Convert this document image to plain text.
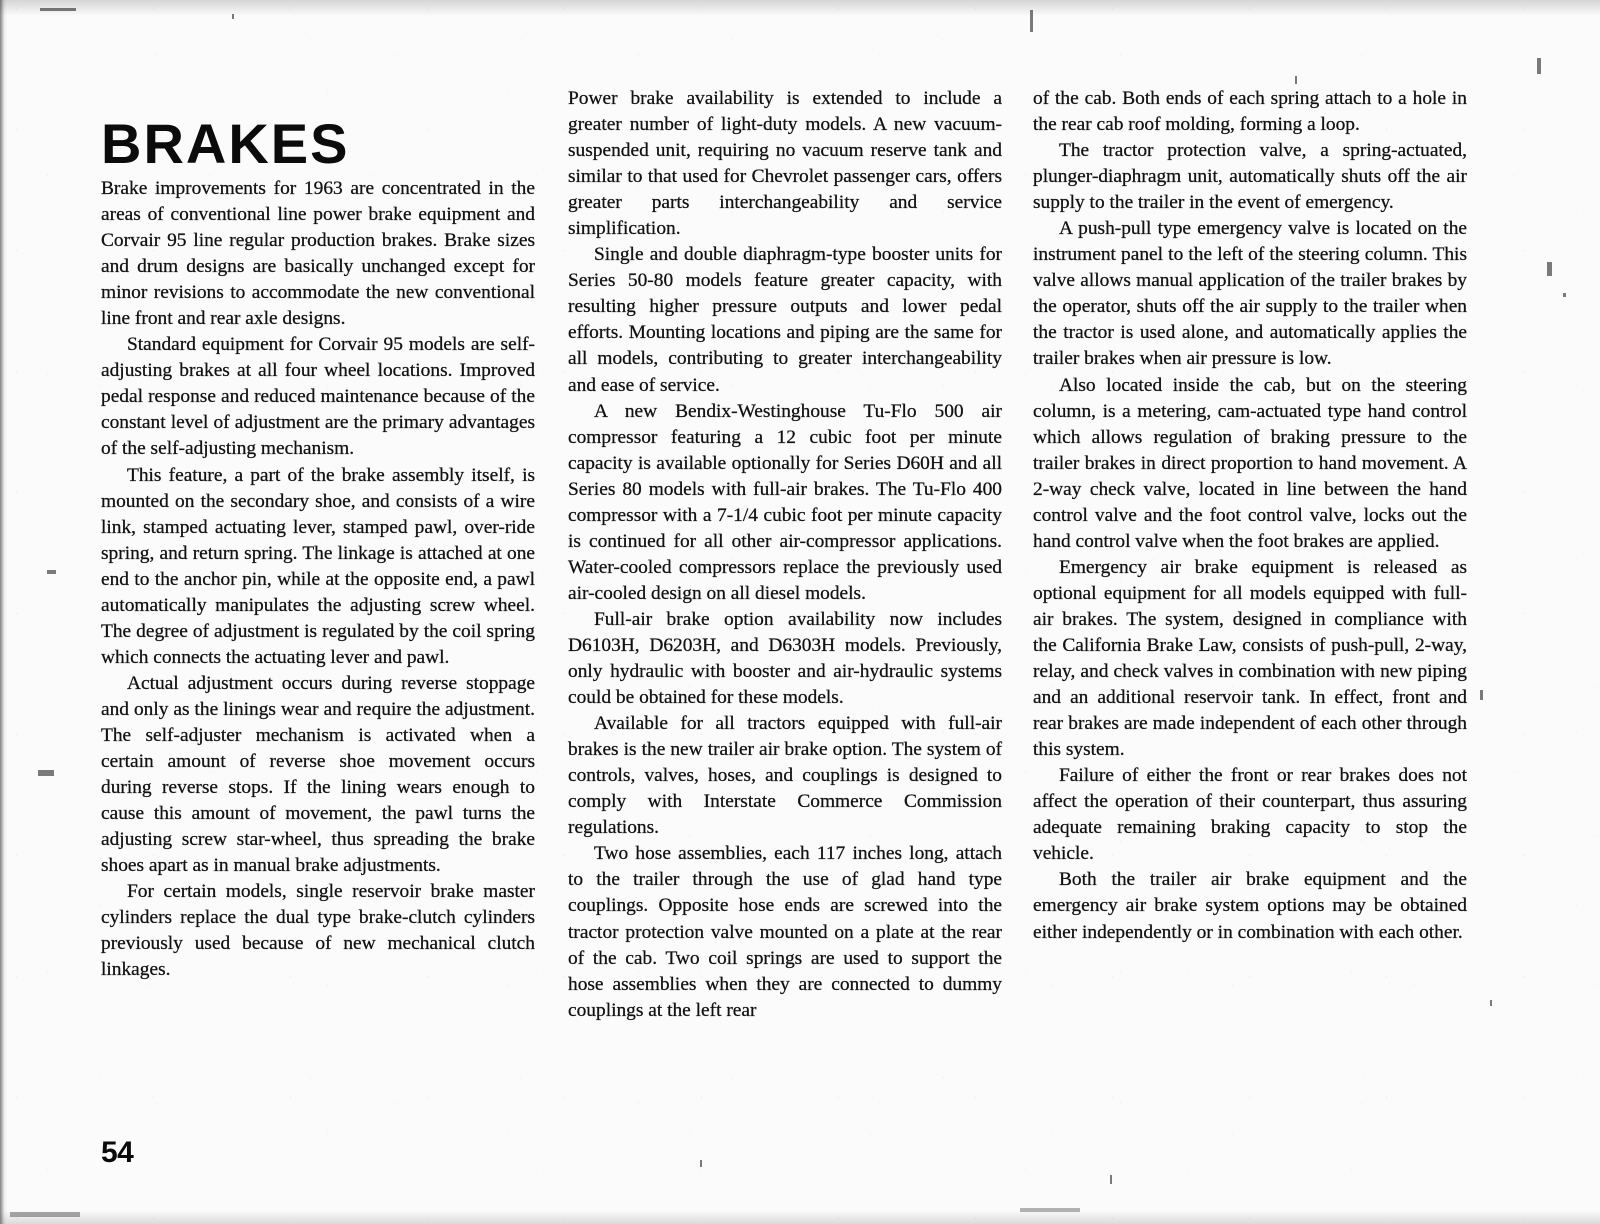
BRAKES

Brake improvements for 1963 are concentrated in the areas of conventional line power brake equipment and Corvair 95 line regular production brakes. Brake sizes and drum designs are basically unchanged except for minor revisions to accommodate the new conventional line front and rear axle designs.

Standard equipment for Corvair 95 models are self-adjusting brakes at all four wheel locations. Improved pedal response and reduced maintenance because of the constant level of adjustment are the primary advantages of the self-adjusting mechanism.

This feature, a part of the brake assembly itself, is mounted on the secondary shoe, and consists of a wire link, stamped actuating lever, stamped pawl, over-ride spring, and return spring. The linkage is attached at one end to the anchor pin, while at the opposite end, a pawl automatically manipulates the adjusting screw wheel. The degree of adjustment is regulated by the coil spring which connects the actuating lever and pawl.

Actual adjustment occurs during reverse stoppage and only as the linings wear and require the adjustment. The self-adjuster mechanism is activated when a certain amount of reverse shoe movement occurs during reverse stops. If the lining wears enough to cause this amount of movement, the pawl turns the adjusting screw star-wheel, thus spreading the brake shoes apart as in manual brake adjustments.

For certain models, single reservoir brake master cylinders replace the dual type brake-clutch cylinders previously used because of new mechanical clutch linkages.

Power brake availability is extended to include a greater number of light-duty models. A new vacuum-suspended unit, requiring no vacuum reserve tank and similar to that used for Chevrolet passenger cars, offers greater parts interchangeability and service simplification.

Single and double diaphragm-type booster units for Series 50-80 models feature greater capacity, with resulting higher pressure outputs and lower pedal efforts. Mounting locations and piping are the same for all models, contributing to greater interchangeability and ease of service.

A new Bendix-Westinghouse Tu-Flo 500 air compressor featuring a 12 cubic foot per minute capacity is available optionally for Series D60H and all Series 80 models with full-air brakes. The Tu-Flo 400 compressor with a 7-1/4 cubic foot per minute capacity is continued for all other air-compressor applications. Water-cooled compressors replace the previously used air-cooled design on all diesel models.

Full-air brake option availability now includes D6103H, D6203H, and D6303H models. Previously, only hydraulic with booster and air-hydraulic systems could be obtained for these models.

Available for all tractors equipped with full-air brakes is the new trailer air brake option. The system of controls, valves, hoses, and couplings is designed to comply with Interstate Commerce Commission regulations.

Two hose assemblies, each 117 inches long, attach to the trailer through the use of glad hand type couplings. Opposite hose ends are screwed into the tractor protection valve mounted on a plate at the rear of the cab. Two coil springs are used to support the hose assemblies when they are connected to dummy couplings at the left rear

of the cab. Both ends of each spring attach to a hole in the rear cab roof molding, forming a loop.

The tractor protection valve, a spring-actuated, plunger-diaphragm unit, automatically shuts off the air supply to the trailer in the event of emergency.

A push-pull type emergency valve is located on the instrument panel to the left of the steering column. This valve allows manual application of the trailer brakes by the operator, shuts off the air supply to the trailer when the tractor is used alone, and automatically applies the trailer brakes when air pressure is low.

Also located inside the cab, but on the steering column, is a metering, cam-actuated type hand control which allows regulation of braking pressure to the trailer brakes in direct proportion to hand movement. A 2-way check valve, located in line between the hand control valve and the foot control valve, locks out the hand control valve when the foot brakes are applied.

Emergency air brake equipment is released as optional equipment for all models equipped with full-air brakes. The system, designed in compliance with the California Brake Law, consists of push-pull, 2-way, relay, and check valves in combination with new piping and an additional reservoir tank. In effect, front and rear brakes are made independent of each other through this system.

Failure of either the front or rear brakes does not affect the operation of their counterpart, thus assuring adequate remaining braking capacity to stop the vehicle.

Both the trailer air brake equipment and the emergency air brake system options may be obtained either independently or in combination with each other.

54
